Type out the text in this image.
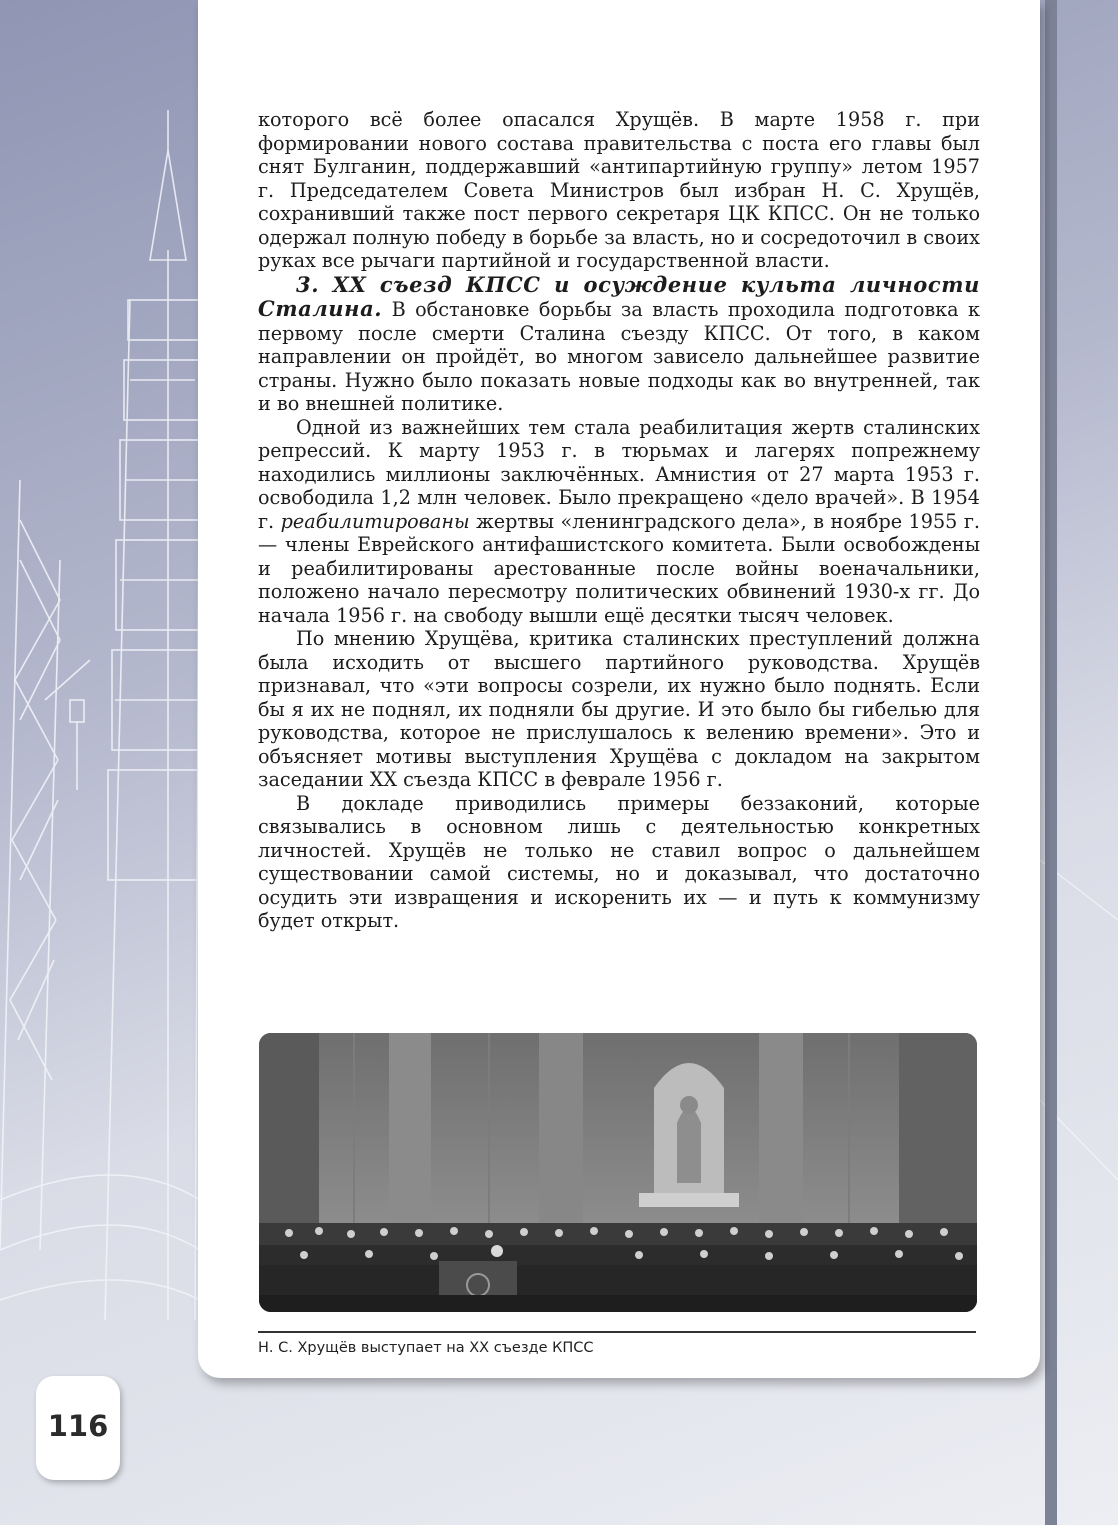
которого всё более опасался Хрущёв. В марте 1958 г. при формировании нового состава правительства с поста его главы был снят Булганин, поддержавший «антипартийную группу» летом 1957 г. Председателем Совета Министров был избран Н. С. Хрущёв, сохранивший также пост первого секретаря ЦК КПСС. Он не только одержал полную победу в борьбе за власть, но и сосредоточил в своих руках все рычаги партийной и государственной власти.

3. XX съезд КПСС и осуждение культа личности Сталина. В обстановке борьбы за власть проходила подготовка к первому после смерти Сталина съезду КПСС. От того, в каком направлении он пройдёт, во многом зависело дальнейшее развитие страны. Нужно было показать новые подходы как во внутренней, так и во внешней политике.

Одной из важнейших тем стала реабилитация жертв сталинских репрессий. К марту 1953 г. в тюрьмах и лагерях попрежнему находились миллионы заключённых. Амнистия от 27 марта 1953 г. освободила 1,2 млн человек. Было прекращено «дело врачей». В 1954 г. реабилитированы жертвы «ленинградского дела», в ноябре 1955 г. — члены Еврейского антифашистского комитета. Были освобождены и реабилитированы арестованные после войны военачальники, положено начало пересмотру политических обвинений 1930-х гг. До начала 1956 г. на свободу вышли ещё десятки тысяч человек.

По мнению Хрущёва, критика сталинских преступлений должна была исходить от высшего партийного руководства. Хрущёв признавал, что «эти вопросы созрели, их нужно было поднять. Если бы я их не поднял, их подняли бы другие. И это было бы гибелью для руководства, которое не прислушалось к велению времени». Это и объясняет мотивы выступления Хрущёва с докладом на закрытом заседании XX съезда КПСС в феврале 1956 г.

В докладе приводились примеры беззаконий, которые связывались в основном лишь с деятельностью конкретных личностей. Хрущёв не только не ставил вопрос о дальнейшем существовании самой системы, но и доказывал, что достаточно осудить эти извращения и искоренить их — и путь к коммунизму будет открыт.

Н. С. Хрущёв выступает на XX съезде КПСС
116
